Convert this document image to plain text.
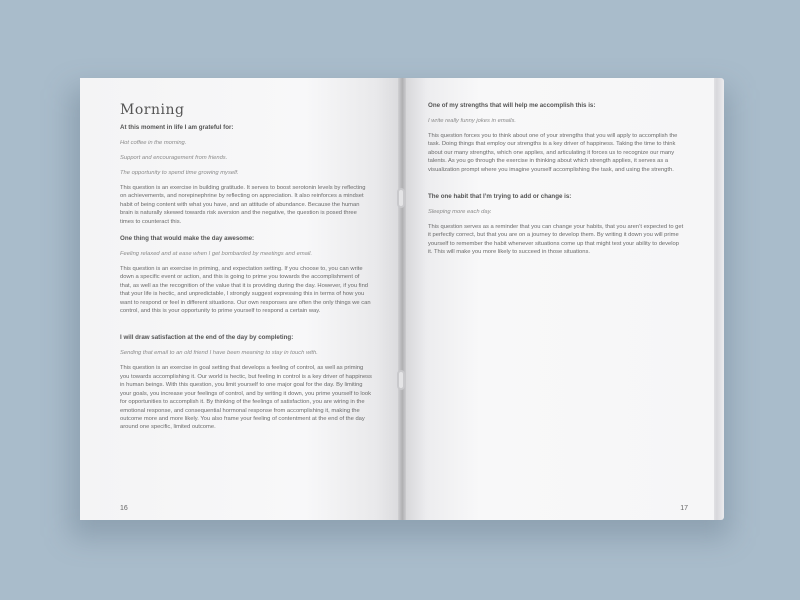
Morning
At this moment in life I am grateful for:
Hot coffee in the morning.
Support and encouragement from friends.
The opportunity to spend time growing myself.
This question is an exercise in building gratitude. It serves to boost serotonin levels by reflecting on achievements, and norepinephrine by reflecting on appreciation. It also reinforces a mindset habit of being content with what you have, and an attitude of abundance. Because the human brain is naturally skewed towards risk aversion and the negative, the question is posed three times to counteract this.
One thing that would make the day awesome:
Feeling relaxed and at ease when I get bombarded by meetings and email.
This question is an exercise in priming, and expectation setting. If you choose to, you can write down a specific event or action, and this is going to prime you towards the accomplishment of that, as well as the recognition of the value that it is providing during the day. However, if you find that your life is hectic, and unpredictable, I strongly suggest expressing this in terms of how you want to respond or feel in different situations. Our own responses are often the only things we can control, and this is your opportunity to prime yourself to respond a certain way.
I will draw satisfaction at the end of the day by completing:
Sending that email to an old friend I have been meaning to stay in touch with.
This question is an exercise in goal setting that develops a feeling of control, as well as priming you towards accomplishing it. Our world is hectic, but feeling in control is a key driver of happiness in human beings. With this question, you limit yourself to one major goal for the day. By limiting your goals, you increase your feelings of control, and by writing it down, you prime yourself to look for opportunities to accomplish it. By thinking of the feelings of satisfaction, you are wiring in the emotional response, and consequential hormonal response from accomplishing it, making the outcome more and more likely. You also frame your feeling of contentment at the end of the day around one specific, limited outcome.
16
One of my strengths that will help me accomplish this is:
I write really funny jokes in emails.
This question forces you to think about one of your strengths that you will apply to accomplish the task. Doing things that employ our strengths is a key driver of happiness. Taking the time to think about our many strengths, which one applies, and articulating it forces us to recognize our many talents. As you go through the exercise in thinking about which strength applies, it serves as a visualization prompt where you imagine yourself accomplishing the task, and using the strength.
The one habit that I’m trying to add or change is:
Sleeping more each day.
This question serves as a reminder that you can change your habits, that you aren’t expected to get it perfectly correct, but that you are on a journey to develop them. By writing it down you will prime yourself to remember the habit whenever situations come up that might test your ability to develop it. This will make you more likely to succeed in those situations.
17
